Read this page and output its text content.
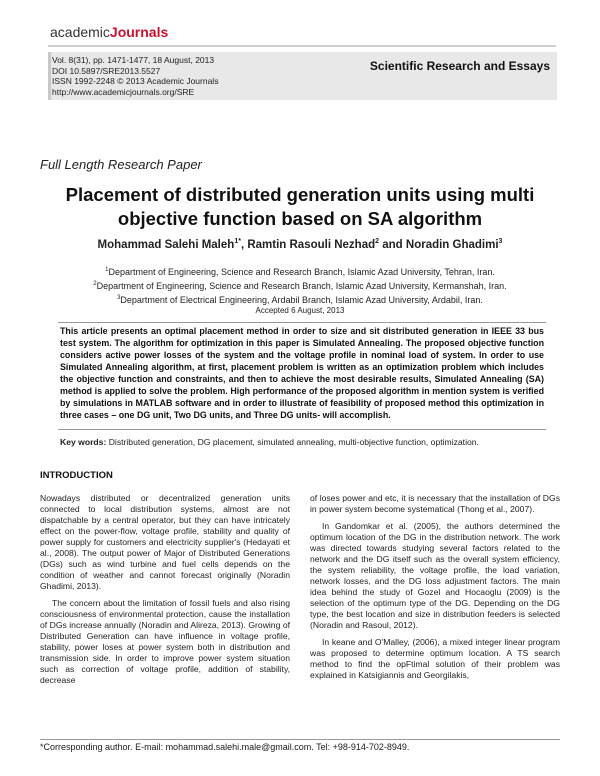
academicJournals
Vol. 8(31), pp. 1471-1477, 18 August, 2013
DOI 10.5897/SRE2013.5527
ISSN 1992-2248 © 2013 Academic Journals
http://www.academicjournals.org/SRE
Scientific Research and Essays
Full Length Research Paper
Placement of distributed generation units using multi objective function based on SA algorithm
Mohammad Salehi Maleh$^{1*}$, Ramtin Rasouli Nezhad$^2$ and Noradin Ghadimi$^3$
$^1$Department of Engineering, Science and Research Branch, Islamic Azad University, Tehran, Iran.
$^2$Department of Engineering, Science and Research Branch, Islamic Azad University, Kermanshah, Iran.
$^3$Department of Electrical Engineering, Ardabil Branch, Islamic Azad University, Ardabil, Iran.
Accepted 6 August, 2013
This article presents an optimal placement method in order to size and sit distributed generation in IEEE 33 bus test system. The algorithm for optimization in this paper is Simulated Annealing. The proposed objective function considers active power losses of the system and the voltage profile in nominal load of system. In order to use Simulated Annealing algorithm, at first, placement problem is written as an optimization problem which includes the objective function and constraints, and then to achieve the most desirable results, Simulated Annealing (SA) method is applied to solve the problem. High performance of the proposed algorithm in mention system is verified by simulations in MATLAB software and in order to illustrate of feasibility of proposed method this optimization in three cases – one DG unit, Two DG units, and Three DG units- will accomplish.
Key words: Distributed generation, DG placement, simulated annealing, multi-objective function, optimization.
INTRODUCTION

Nowadays distributed or decentralized generation units connected to local distribution systems, almost are not dispatchable by a central operator, but they can have intricately effect on the power-flow, voltage profile, stability and quality of power supply for customers and electricity supplier's (Hedayati et al., 2008). The output power of Major of Distributed Generations (DGs) such as wind turbine and fuel cells depends on the condition of weather and cannot forecast originally (Noradin Ghadimi, 2013).

The concern about the limitation of fossil fuels and also rising consciousness of environmental protection, cause the installation of DGs increase annually (Noradin and Alireza, 2013). Growing of Distributed Generation can have influence in voltage profile, stability, power loses at power system both in distribution and transmission side. In order to improve power system situation such as correction of voltage profile, addition of stability, decrease

of loses power and etc, it is necessary that the installation of DGs in power system become systematical (Thong et al., 2007).

In Gandomkar et al. (2005), the authors determined the optimum location of the DG in the distribution network. The work was directed towards studying several factors related to the network and the DG itself such as the overall system efficiency, the system reliability, the voltage profile, the load variation, network losses, and the DG loss adjustment factors. The main idea behind the study of Gozel and Hocaoglu (2009) is the selection of the optimum type of the DG. Depending on the DG type, the best location and size in distribution feeders is selected (Noradin and Rasoul, 2012).

In keane and O'Malley, (2006), a mixed integer linear program was proposed to determine optimum location. A TS search method to find the opFtimal solution of their problem was explained in Katsigiannis and Georgilakis,

*Corresponding author. E-mail: mohammad.salehi.male@gmail.com. Tel: +98-914-702-8949.
